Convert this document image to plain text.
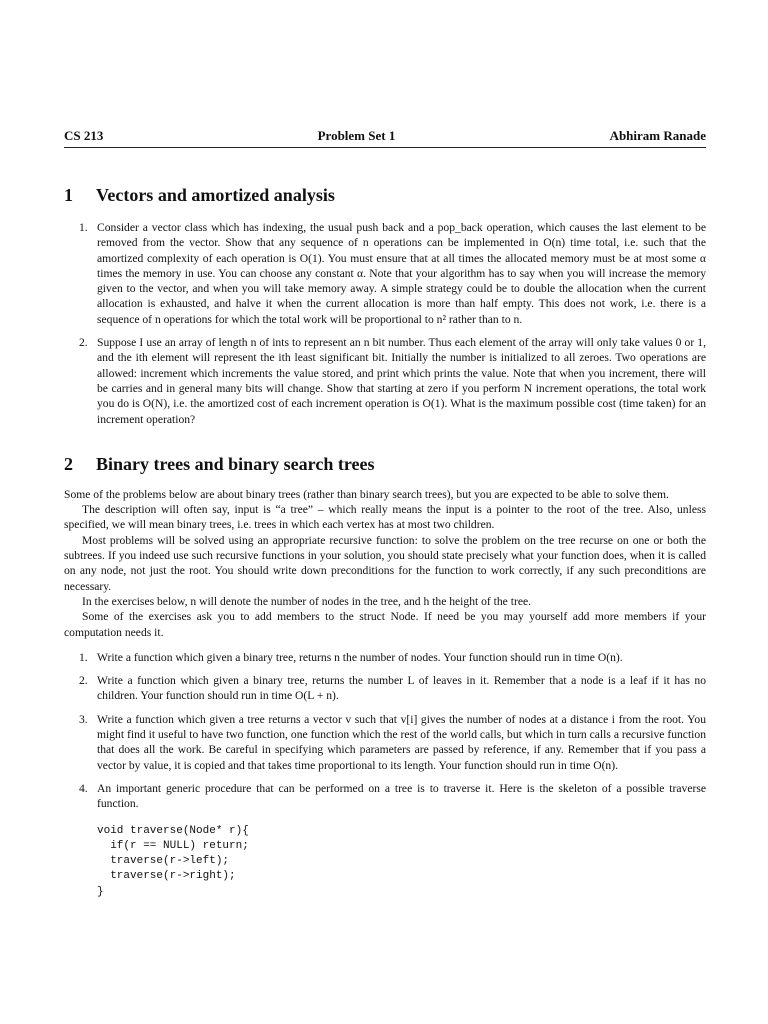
CS 213	Problem Set 1	Abhiram Ranade
1	Vectors and amortized analysis
1. Consider a vector class which has indexing, the usual push back and a pop_back operation, which causes the last element to be removed from the vector. Show that any sequence of n operations can be implemented in O(n) time total, i.e. such that the amortized complexity of each operation is O(1). You must ensure that at all times the allocated memory must be at most some α times the memory in use. You can choose any constant α. Note that your algorithm has to say when you will increase the memory given to the vector, and when you will take memory away. A simple strategy could be to double the allocation when the current allocation is exhausted, and halve it when the current allocation is more than half empty. This does not work, i.e. there is a sequence of n operations for which the total work will be proportional to n² rather than to n.
2. Suppose I use an array of length n of ints to represent an n bit number. Thus each element of the array will only take values 0 or 1, and the ith element will represent the ith least significant bit. Initially the number is initialized to all zeroes. Two operations are allowed: increment which increments the value stored, and print which prints the value. Note that when you increment, there will be carries and in general many bits will change. Show that starting at zero if you perform N increment operations, the total work you do is O(N), i.e. the amortized cost of each increment operation is O(1). What is the maximum possible cost (time taken) for an increment operation?
2	Binary trees and binary search trees

Some of the problems below are about binary trees (rather than binary search trees), but you are expected to be able to solve them.

The description will often say, input is “a tree” – which really means the input is a pointer to the root of the tree. Also, unless specified, we will mean binary trees, i.e. trees in which each vertex has at most two children.

Most problems will be solved using an appropriate recursive function: to solve the problem on the tree recurse on one or both the subtrees. If you indeed use such recursive functions in your solution, you should state precisely what your function does, when it is called on any node, not just the root. You should write down preconditions for the function to work correctly, if any such preconditions are necessary.

In the exercises below, n will denote the number of nodes in the tree, and h the height of the tree.

Some of the exercises ask you to add members to the struct Node. If need be you may yourself add more members if your computation needs it.

1. Write a function which given a binary tree, returns n the number of nodes. Your function should run in time O(n).
2. Write a function which given a binary tree, returns the number L of leaves in it. Remember that a node is a leaf if it has no children. Your function should run in time O(L + n).
3. Write a function which given a tree returns a vector v such that v[i] gives the number of nodes at a distance i from the root. You might find it useful to have two function, one function which the rest of the world calls, but which in turn calls a recursive function that does all the work. Be careful in specifying which parameters are passed by reference, if any. Remember that if you pass a vector by value, it is copied and that takes time proportional to its length. Your function should run in time O(n).
4. An important generic procedure that can be performed on a tree is to traverse it. Here is the skeleton of a possible traverse function.
void traverse(Node* r){
if(r == NULL) return;
traverse(r->left);
traverse(r->right);
}
